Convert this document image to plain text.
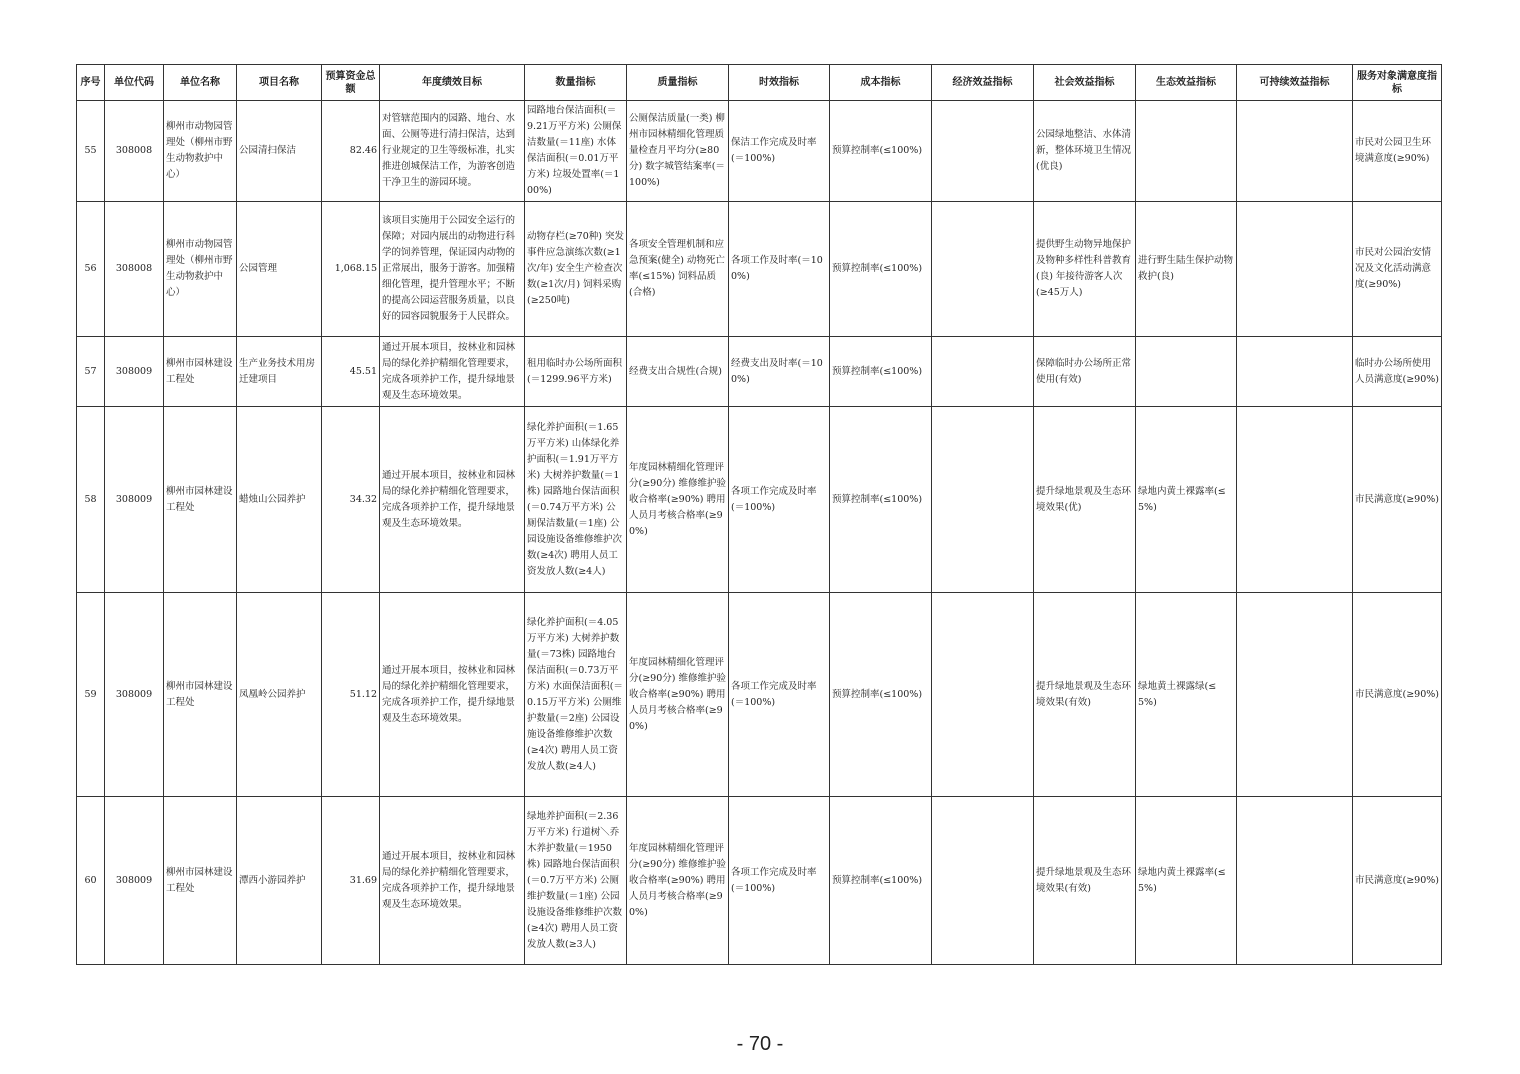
序号	单位代码	单位名称	项目名称	预算资金总额	年度绩效目标	数量指标	质量指标	时效指标	成本指标	经济效益指标	社会效益指标	生态效益指标	可持续效益指标	服务对象满意度指标
55	308008	柳州市动物园管理处（柳州市野生动物救护中心）	公园清扫保洁	82.46	对管辖范围内的园路、地台、水面、公厕等进行清扫保洁，达到行业规定的卫生等级标准，扎实推进创城保洁工作，为游客创造干净卫生的游园环境。	园路地台保洁面积(＝9.21万平方米) 公厕保洁数量(＝11座) 水体保洁面积(＝0.01万平方米) 垃圾处置率(＝100%)	公厕保洁质量(一类) 柳州市园林精细化管理质量检查月平均分(≥80分) 数字城管结案率(＝100%)	保洁工作完成及时率(＝100%)	预算控制率(≤100%)		公园绿地整洁、水体清新，整体环境卫生情况(优良)			市民对公园卫生环境满意度(≥90%)
56	308008	柳州市动物园管理处（柳州市野生动物救护中心）	公园管理	1,068.15	该项目实施用于公园安全运行的保障；对园内展出的动物进行科学的饲养管理，保证园内动物的正常展出，服务于游客。加强精细化管理，提升管理水平；不断的提高公园运营服务质量，以良好的园容园貌服务于人民群众。	动物存栏(≥70种) 突发事件应急演练次数(≥1次/年) 安全生产检查次数(≥1次/月) 饲料采购(≥250吨)	各项安全管理机制和应急预案(健全) 动物死亡率(≤15%) 饲料品质(合格)	各项工作及时率(＝100%)	预算控制率(≤100%)		提供野生动物异地保护及物种多样性科普教育(良) 年接待游客人次(≥45万人)	进行野生陆生保护动物救护(良)		市民对公园治安情况及文化活动满意度(≥90%)
57	308009	柳州市园林建设工程处	生产业务技术用房迁建项目	45.51	通过开展本项目，按林业和园林局的绿化养护精细化管理要求，完成各项养护工作，提升绿地景观及生态环境效果。	租用临时办公场所面积(＝1299.96平方米)	经费支出合规性(合规)	经费支出及时率(＝100%)	预算控制率(≤100%)		保障临时办公场所正常使用(有效)			临时办公场所使用人员满意度(≥90%)
58	308009	柳州市园林建设工程处	蜡烛山公园养护	34.32	通过开展本项目，按林业和园林局的绿化养护精细化管理要求，完成各项养护工作，提升绿地景观及生态环境效果。	绿化养护面积(＝1.65万平方米) 山体绿化养护面积(＝1.91万平方米) 大树养护数量(＝1株) 园路地台保洁面积(＝0.74万平方米) 公厕保洁数量(＝1座) 公园设施设备维修维护次数(≥4次) 聘用人员工资发放人数(≥4人)	年度园林精细化管理评分(≥90分) 维修维护验收合格率(≥90%) 聘用人员月考核合格率(≥90%)	各项工作完成及时率(＝100%)	预算控制率(≤100%)		提升绿地景观及生态环境效果(优)	绿地内黄土裸露率(≤5%)		市民满意度(≥90%)
59	308009	柳州市园林建设工程处	凤凰岭公园养护	51.12	通过开展本项目，按林业和园林局的绿化养护精细化管理要求，完成各项养护工作，提升绿地景观及生态环境效果。	绿化养护面积(＝4.05万平方米) 大树养护数量(＝73株) 园路地台保洁面积(＝0.73万平方米) 水面保洁面积(＝0.15万平方米) 公厕维护数量(＝2座) 公园设施设备维修维护次数(≥4次) 聘用人员工资发放人数(≥4人)	年度园林精细化管理评分(≥90分) 维修维护验收合格率(≥90%) 聘用人员月考核合格率(≥90%)	各项工作完成及时率(＝100%)	预算控制率(≤100%)		提升绿地景观及生态环境效果(有效)	绿地黄土裸露绿(≤5%)		市民满意度(≥90%)
60	308009	柳州市园林建设工程处	潭西小游园养护	31.69	通过开展本项目，按林业和园林局的绿化养护精细化管理要求，完成各项养护工作，提升绿地景观及生态环境效果。	绿地养护面积(＝2.36万平方米) 行道树＼乔木养护数量(＝1950株) 园路地台保洁面积(＝0.7万平方米) 公厕维护数量(＝1座) 公园设施设备维修维护次数(≥4次) 聘用人员工资发放人数(≥3人)	年度园林精细化管理评分(≥90分) 维修维护验收合格率(≥90%) 聘用人员月考核合格率(≥90%)	各项工作完成及时率(＝100%)	预算控制率(≤100%)		提升绿地景观及生态环境效果(有效)	绿地内黄土裸露率(≤5%)		市民满意度(≥90%)
- 70 -
